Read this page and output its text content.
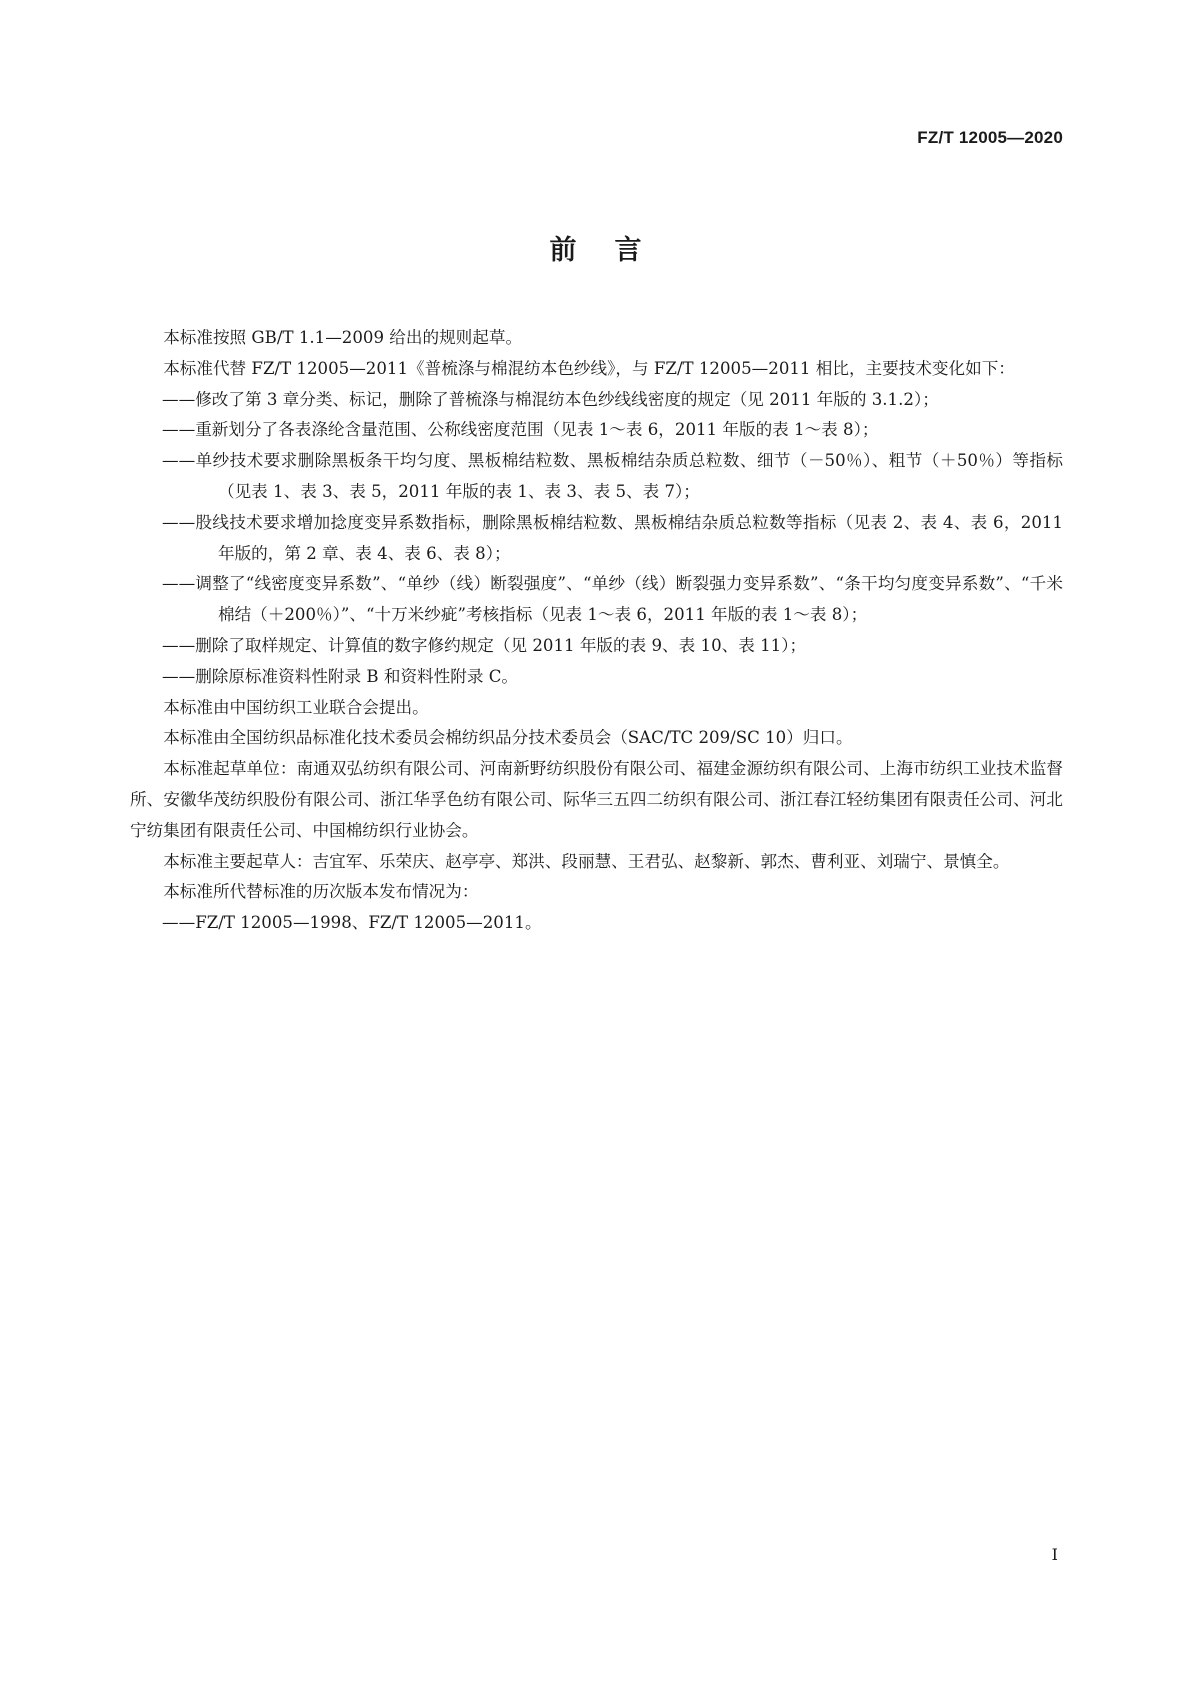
FZ/T 12005—2020
前言

本标准按照 GB/T 1.1—2009 给出的规则起草。

本标准代替 FZ/T 12005—2011《普梳涤与棉混纺本色纱线》，与 FZ/T 12005—2011 相比，主要技术变化如下：

——修改了第 3 章分类、标记，删除了普梳涤与棉混纺本色纱线线密度的规定（见 2011 年版的 3.1.2）；

——重新划分了各表涤纶含量范围、公称线密度范围（见表 1～表 6，2011 年版的表 1～表 8）；

——单纱技术要求删除黑板条干均匀度、黑板棉结粒数、黑板棉结杂质总粒数、细节（－50％）、粗节（＋50％）等指标（见表 1、表 3、表 5，2011 年版的表 1、表 3、表 5、表 7）；

——股线技术要求增加捻度变异系数指标，删除黑板棉结粒数、黑板棉结杂质总粒数等指标（见表 2、表 4、表 6，2011 年版的，第 2 章、表 4、表 6、表 8）；

——调整了“线密度变异系数”、“单纱（线）断裂强度”、“单纱（线）断裂强力变异系数”、“条干均匀度变异系数”、“千米棉结（＋200％）”、“十万米纱疵”考核指标（见表 1～表 6，2011 年版的表 1～表 8）；

——删除了取样规定、计算值的数字修约规定（见 2011 年版的表 9、表 10、表 11）；

——删除原标准资料性附录 B 和资料性附录 C。

本标准由中国纺织工业联合会提出。

本标准由全国纺织品标准化技术委员会棉纺织品分技术委员会（SAC/TC 209/SC 10）归口。

本标准起草单位：南通双弘纺织有限公司、河南新野纺织股份有限公司、福建金源纺织有限公司、上海市纺织工业技术监督所、安徽华茂纺织股份有限公司、浙江华孚色纺有限公司、际华三五四二纺织有限公司、浙江春江轻纺集团有限责任公司、河北宁纺集团有限责任公司、中国棉纺织行业协会。

本标准主要起草人：吉宜军、乐荣庆、赵亭亭、郑洪、段丽慧、王君弘、赵黎新、郭杰、曹利亚、刘瑞宁、景慎全。

本标准所代替标准的历次版本发布情况为：

——FZ/T 12005—1998、FZ/T 12005—2011。

I
